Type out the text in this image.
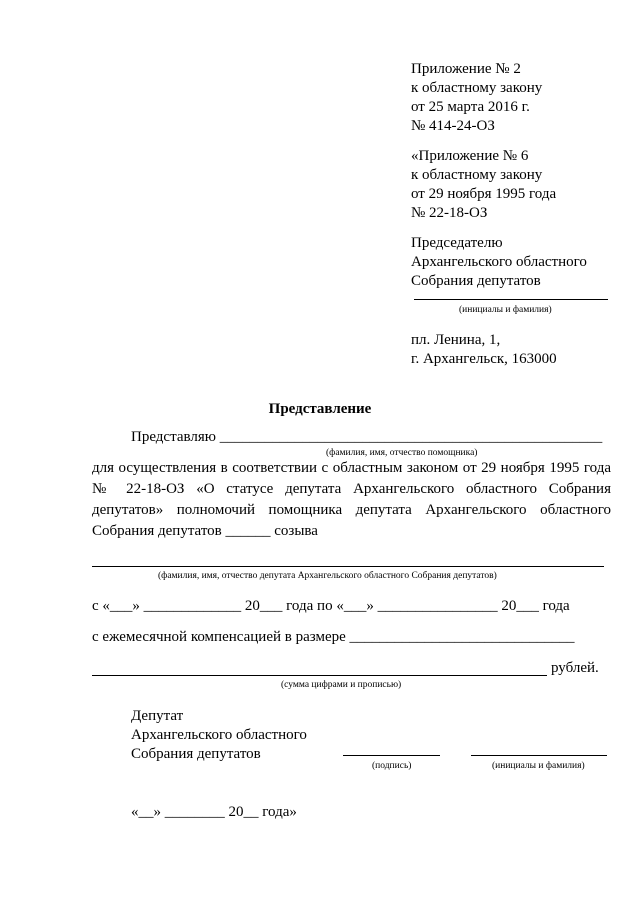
Приложение № 2
к областному закону
от 25 марта 2016 г.
№ 414-24-ОЗ
«Приложение № 6
к областному закону
от 29 ноября 1995 года
№ 22-18-ОЗ
Председателю
Архангельского областного
Собрания депутатов
(инициалы и фамилия)
пл. Ленина, 1,
г. Архангельск, 163000
Представление
Представляю ___________________________________________________
(фамилия, имя, отчество помощника)
для осуществления в соответствии с областным законом от 29 ноября 1995 года
№ 22-18-ОЗ «О статусе депутата Архангельского областного Собрания
депутатов» полномочий помощника депутата Архангельского областного
Собрания депутатов ______ созыва
(фамилия, имя, отчество депутата Архангельского областного Собрания депутатов)
с «___» _____________ 20___ года по «___» ________________ 20___ года
с ежемесячной компенсацией в размере ______________________________
рублей.
(сумма цифрами и прописью)
Депутат
Архангельского областного
Собрания депутатов
(подпись)	(инициалы и фамилия)
«__» ________ 20__ года»
